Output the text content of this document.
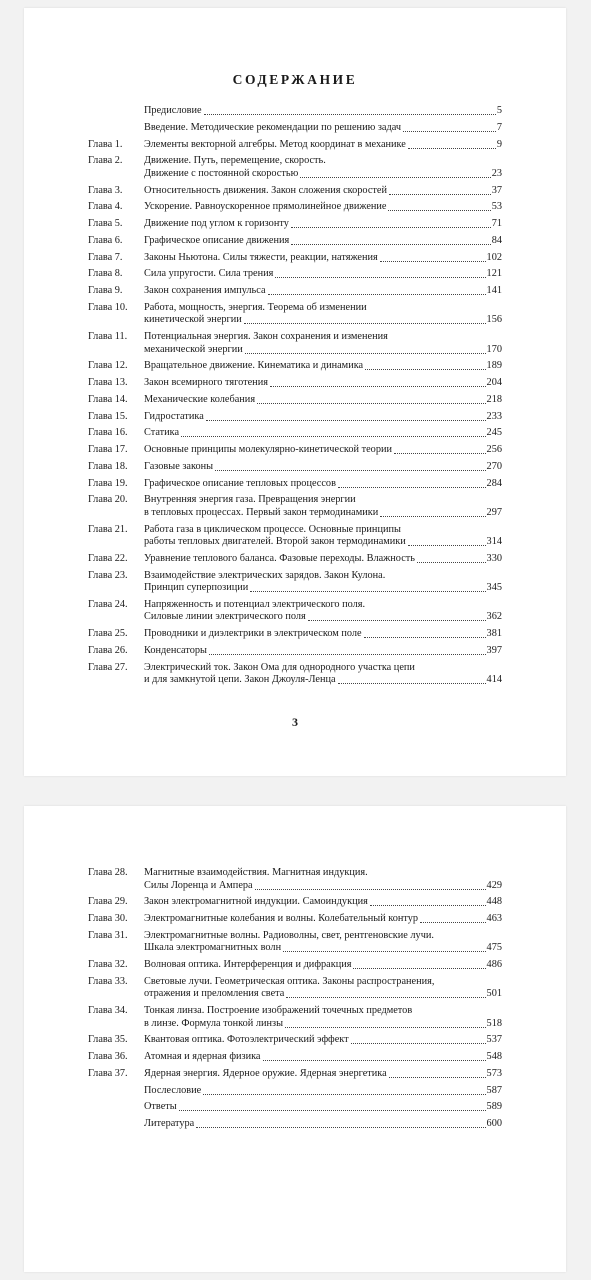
СОДЕРЖАНИЕ
Предисловие	5
Введение. Методические рекомендации по решению задач	7
Глава 1.	Элементы векторной алгебры. Метод координат в механике	9
Глава 2.	Движение. Путь, перемещение, скорость.
Движение с постоянной скоростью	23
Глава 3.	Относительность движения. Закон сложения скоростей	37
Глава 4.	Ускорение. Равноускоренное прямолинейное движение	53
Глава 5.	Движение под углом к горизонту	71
Глава 6.	Графическое описание движения	84
Глава 7.	Законы Ньютона. Силы тяжести, реакции, натяжения	102
Глава 8.	Сила упругости. Сила трения	121
Глава 9.	Закон сохранения импульса	141
Глава 10.	Работа, мощность, энергия. Теорема об изменении
кинетической энергии	156
Глава 11.	Потенциальная энергия. Закон сохранения и изменения
механической энергии	170
Глава 12.	Вращательное движение. Кинематика и динамика	189
Глава 13.	Закон всемирного тяготения	204
Глава 14.	Механические колебания	218
Глава 15.	Гидростатика	233
Глава 16.	Статика	245
Глава 17.	Основные принципы молекулярно-кинетической теории	256
Глава 18.	Газовые законы	270
Глава 19.	Графическое описание тепловых процессов	284
Глава 20.	Внутренняя энергия газа. Превращения энергии
в тепловых процессах. Первый закон термодинамики	297
Глава 21.	Работа газа в циклическом процессе. Основные принципы
работы тепловых двигателей. Второй закон термодинамики	314
Глава 22.	Уравнение теплового баланса. Фазовые переходы. Влажность	330
Глава 23.	Взаимодействие электрических зарядов. Закон Кулона.
Принцип суперпозиции	345
Глава 24.	Напряженность и потенциал электрического поля.
Силовые линии электрического поля	362
Глава 25.	Проводники и диэлектрики в электрическом поле	381
Глава 26.	Конденсаторы	397
Глава 27.	Электрический ток. Закон Ома для однородного участка цепи
и для замкнутой цепи. Закон Джоуля-Ленца	414
3
Глава 28.	Магнитные взаимодействия. Магнитная индукция.
Силы Лоренца и Ампера	429
Глава 29.	Закон электромагнитной индукции. Самоиндукция	448
Глава 30.	Электромагнитные колебания и волны. Колебательный контур	463
Глава 31.	Электромагнитные волны. Радиоволны, свет, рентгеновские лучи.
Шкала электромагнитных волн	475
Глава 32.	Волновая оптика. Интерференция и дифракция	486
Глава 33.	Световые лучи. Геометрическая оптика. Законы распространения,
отражения и преломления света	501
Глава 34.	Тонкая линза. Построение изображений точечных предметов
в линзе. Формула тонкой линзы	518
Глава 35.	Квантовая оптика. Фотоэлектрический эффект	537
Глава 36.	Атомная и ядерная физика	548
Глава 37.	Ядерная энергия. Ядерное оружие. Ядерная энергетика	573
Послесловие	587
Ответы	589
Литература	600
